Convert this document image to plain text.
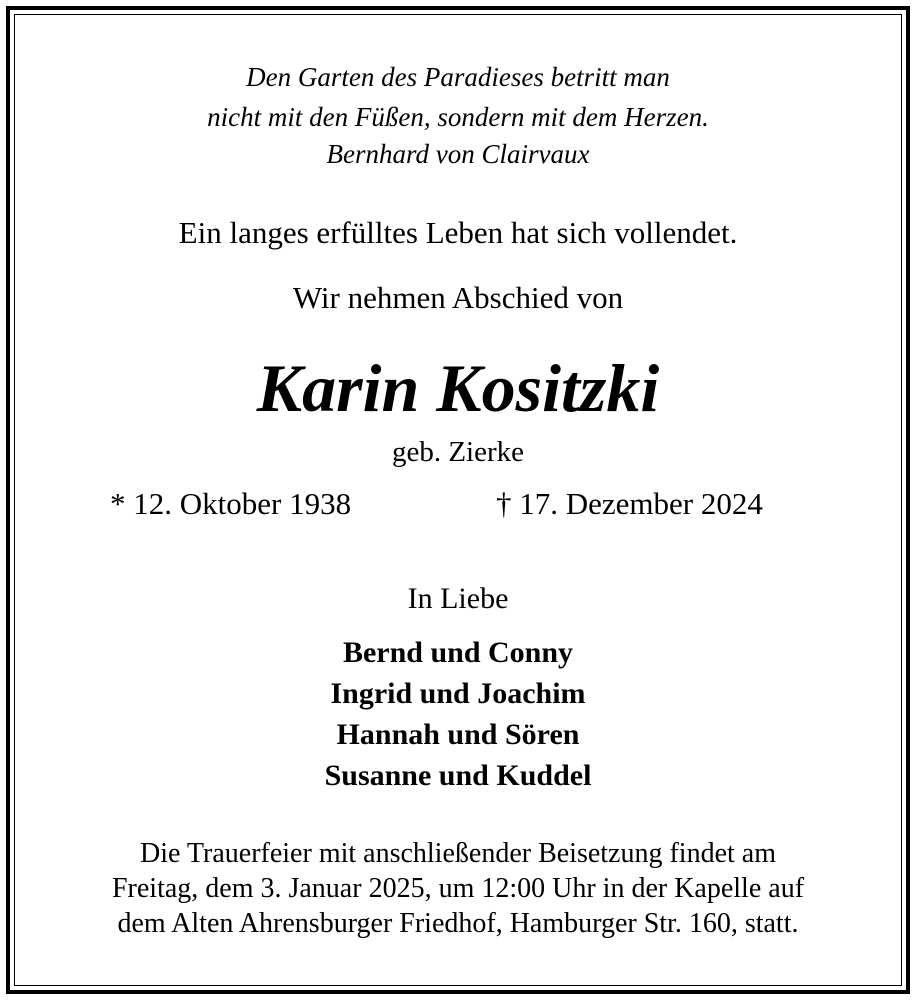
Den Garten des Paradieses betritt man
nicht mit den Füßen, sondern mit dem Herzen.
Bernhard von Clairvaux
Ein langes erfülltes Leben hat sich vollendet.
Wir nehmen Abschied von
Karin Kositzki
geb. Zierke
* 12. Oktober 1938	† 17. Dezember 2024
In Liebe
Bernd und Conny
Ingrid und Joachim
Hannah und Sören
Susanne und Kuddel
Die Trauerfeier mit anschließender Beisetzung findet am
Freitag, dem 3. Januar 2025, um 12:00 Uhr in der Kapelle auf
dem Alten Ahrensburger Friedhof, Hamburger Str. 160, statt.
